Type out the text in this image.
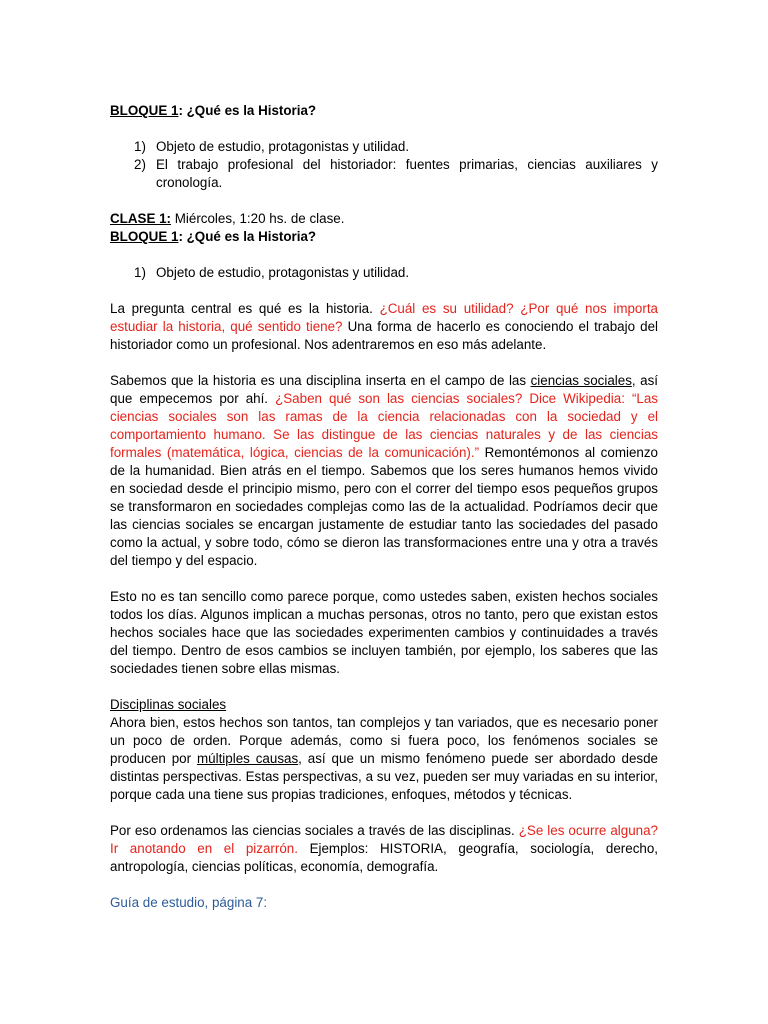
BLOQUE 1: ¿Qué es la Historia?

1) Objeto de estudio, protagonistas y utilidad.
2) El trabajo profesional del historiador: fuentes primarias, ciencias auxiliares y cronología.

CLASE 1: Miércoles, 1:20 hs. de clase.

BLOQUE 1: ¿Qué es la Historia?

1) Objeto de estudio, protagonistas y utilidad.

La pregunta central es qué es la historia. ¿Cuál es su utilidad? ¿Por qué nos importa estudiar la historia, qué sentido tiene? Una forma de hacerlo es conociendo el trabajo del historiador como un profesional. Nos adentraremos en eso más adelante.

Sabemos que la historia es una disciplina inserta en el campo de las ciencias sociales, así que empecemos por ahí. ¿Saben qué son las ciencias sociales? Dice Wikipedia: “Las ciencias sociales son las ramas de la ciencia relacionadas con la sociedad y el comportamiento humano. Se las distingue de las ciencias naturales y de las ciencias formales (matemática, lógica, ciencias de la comunicación).” Remontémonos al comienzo de la humanidad. Bien atrás en el tiempo. Sabemos que los seres humanos hemos vivido en sociedad desde el principio mismo, pero con el correr del tiempo esos pequeños grupos se transformaron en sociedades complejas como las de la actualidad. Podríamos decir que las ciencias sociales se encargan justamente de estudiar tanto las sociedades del pasado como la actual, y sobre todo, cómo se dieron las transformaciones entre una y otra a través del tiempo y del espacio.

Esto no es tan sencillo como parece porque, como ustedes saben, existen hechos sociales todos los días. Algunos implican a muchas personas, otros no tanto, pero que existan estos hechos sociales hace que las sociedades experimenten cambios y continuidades a través del tiempo. Dentro de esos cambios se incluyen también, por ejemplo, los saberes que las sociedades tienen sobre ellas mismas.

Disciplinas sociales

Ahora bien, estos hechos son tantos, tan complejos y tan variados, que es necesario poner un poco de orden. Porque además, como si fuera poco, los fenómenos sociales se producen por múltiples causas, así que un mismo fenómeno puede ser abordado desde distintas perspectivas. Estas perspectivas, a su vez, pueden ser muy variadas en su interior, porque cada una tiene sus propias tradiciones, enfoques, métodos y técnicas.

Por eso ordenamos las ciencias sociales a través de las disciplinas. ¿Se les ocurre alguna? Ir anotando en el pizarrón. Ejemplos: HISTORIA, geografía, sociología, derecho, antropología, ciencias políticas, economía, demografía.

Guía de estudio, página 7:
